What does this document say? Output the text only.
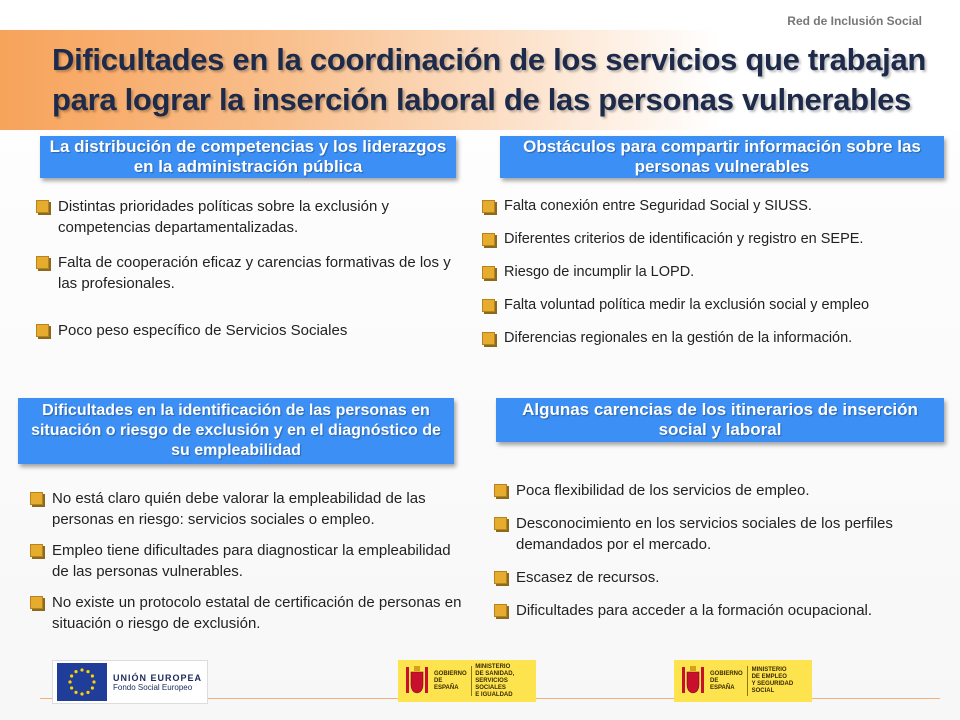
Red de Inclusión Social
Dificultades en la coordinación de los servicios que trabajan para lograr la inserción laboral de las personas vulnerables
La distribución de competencias y los liderazgos en la administración pública
Distintas prioridades políticas sobre la exclusión y competencias departamentalizadas.
Falta de cooperación eficaz y carencias formativas de los y las profesionales.
Poco peso específico de Servicios Sociales
Obstáculos para compartir información sobre las personas vulnerables
Falta conexión entre Seguridad Social y SIUSS.
Diferentes criterios de identificación y registro en SEPE.
Riesgo de incumplir la LOPD.
Falta voluntad política medir la exclusión social y empleo
Diferencias regionales en la gestión de la información.
Dificultades en la identificación de las personas en situación o riesgo de exclusión y en el diagnóstico de su empleabilidad
No está claro quién debe valorar la empleabilidad de las personas en riesgo: servicios sociales o empleo.
Empleo tiene dificultades para diagnosticar la empleabilidad de las personas vulnerables.
No existe un protocolo estatal de certificación de personas en situación o riesgo de exclusión.
Algunas carencias de los itinerarios de inserción social y laboral
Poca flexibilidad de los servicios de empleo.
Desconocimiento en los servicios sociales de los perfiles demandados por el mercado.
Escasez de recursos.
Dificultades para acceder a la formación ocupacional.
UNIÓN EUROPEA
Fondo Social Europeo
GOBIERNO
DE ESPAÑA
MINISTERIO
DE SANIDAD, SERVICIOS SOCIALES
E IGUALDAD
GOBIERNO
DE ESPAÑA
MINISTERIO
DE EMPLEO
Y SEGURIDAD SOCIAL
